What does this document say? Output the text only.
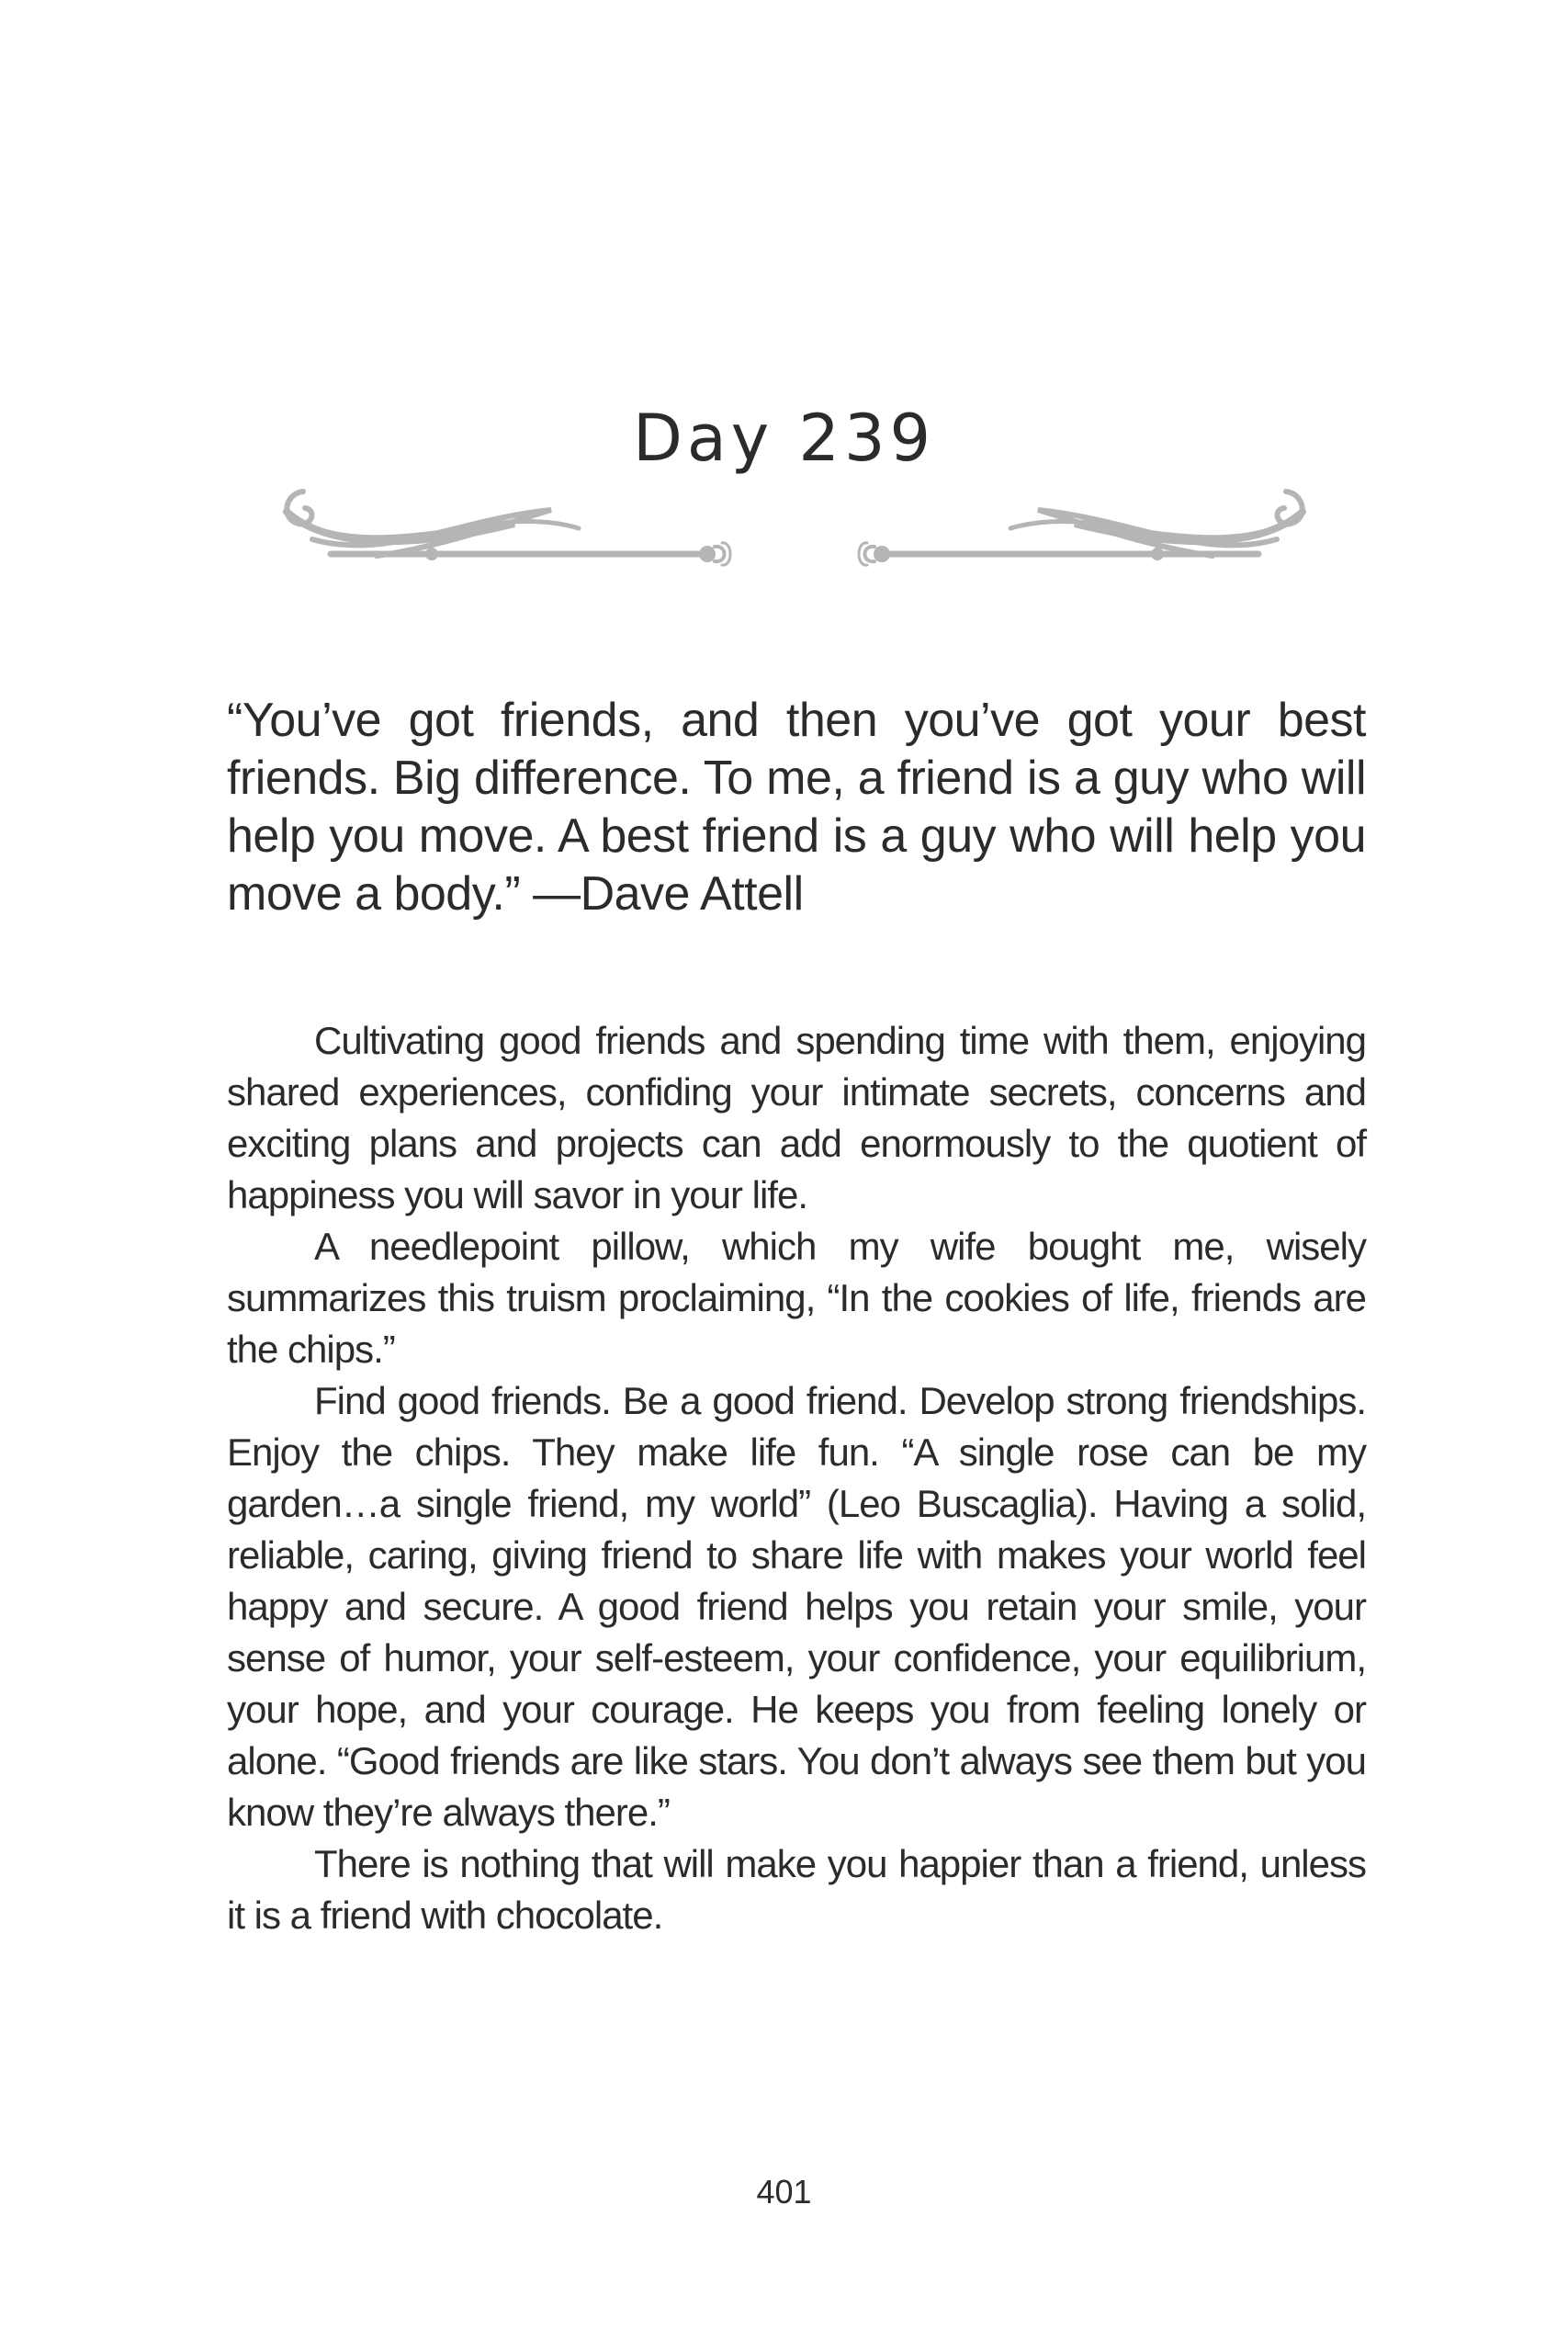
Day 239

“You’ve got friends, and then you’ve got your best friends. Big difference. To me, a friend is a guy who will help you move. A best friend is a guy who will help you move a body.” —Dave Attell

Cultivating good friends and spending time with them, enjoying shared experiences, confiding your intimate secrets, concerns and exciting plans and projects can add enormously to the quotient of happiness you will savor in your life.

A needlepoint pillow, which my wife bought me, wisely summarizes this truism proclaiming, “In the cookies of life, friends are the chips.”

Find good friends. Be a good friend. Develop strong friendships. Enjoy the chips. They make life fun. “A single rose can be my garden…a single friend, my world” (Leo Buscaglia). Having a solid, reliable, caring, giving friend to share life with makes your world feel happy and secure. A good friend helps you retain your smile, your sense of humor, your self-esteem, your confidence, your equilibrium, your hope, and your courage. He keeps you from feeling lonely or alone. “Good friends are like stars. You don’t always see them but you know they’re always there.”

There is nothing that will make you happier than a friend, unless it is a friend with chocolate.

401
